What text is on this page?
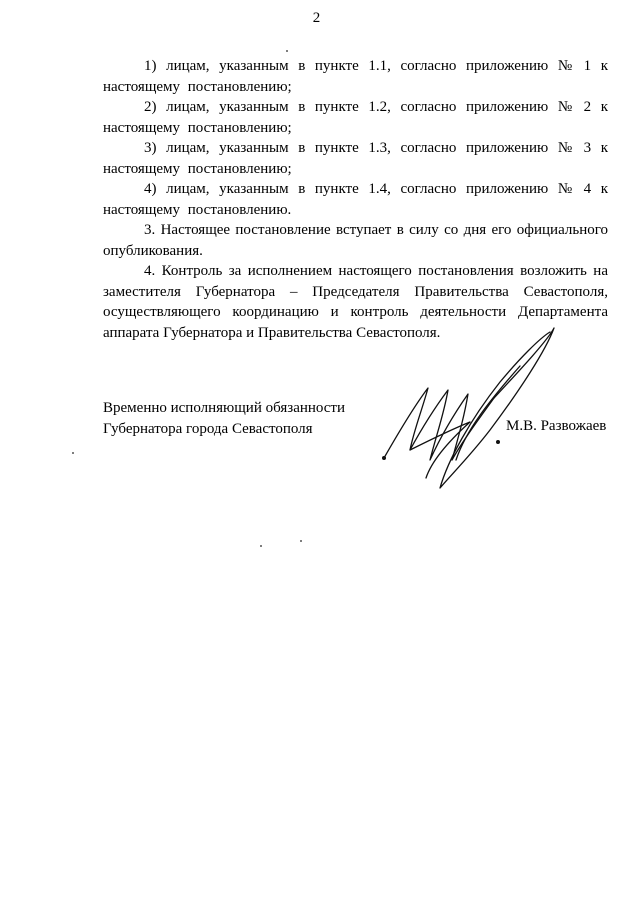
2

1) лицам, указанным в пункте 1.1, согласно приложению № 1 к настоящему постановлению;

2) лицам, указанным в пункте 1.2, согласно приложению № 2 к настоящему постановлению;

3) лицам, указанным в пункте 1.3, согласно приложению № 3 к настоящему постановлению;

4) лицам, указанным в пункте 1.4, согласно приложению № 4 к настоящему постановлению.

3. Настоящее постановление вступает в силу со дня его официального опубликования.

4. Контроль за исполнением настоящего постановления возложить на заместителя Губернатора – Председателя Правительства Севастополя, осуществляющего координацию и контроль деятельности Департамента аппарата Губернатора и Правительства Севастополя.

Временно исполняющий обязанности
Губернатора города Севастополя	М.В. Развожаев
